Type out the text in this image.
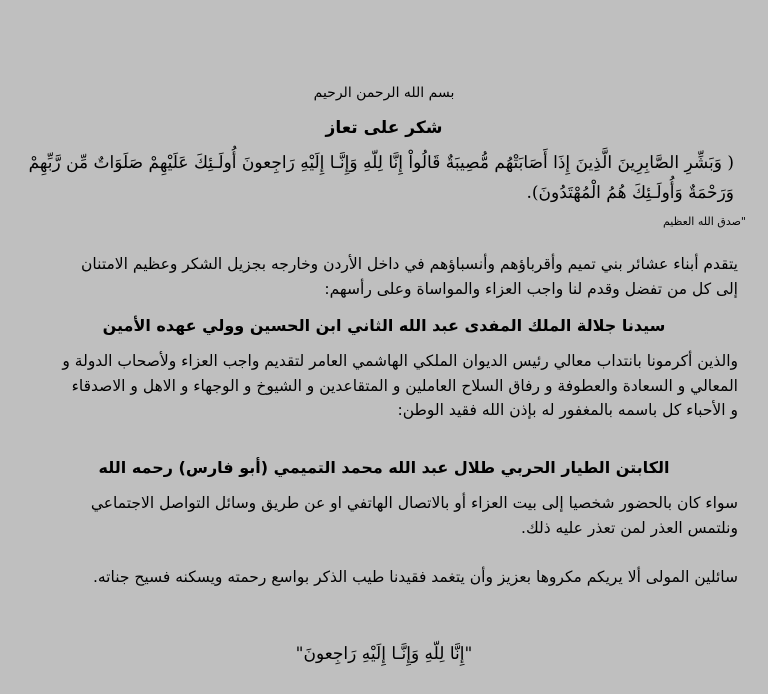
بسم الله الرحمن الرحيم
شكر على تعاز
( وَبَشِّرِ الصَّابِرِينَ الَّذِينَ إِذَا أَصَابَتْهُم مُّصِيبَةٌ قَالُواْ إِنَّا لِلّهِ وَإِنَّـا إِلَيْهِ رَاجِعونَ أُولَـئِكَ عَلَيْهِمْ صَلَوَاتٌ مِّن رَّبِّهِمْ
وَرَحْمَةٌ وَأُولَـئِكَ هُمُ الْمُهْتَدُونَ).
"صدق الله العظيم
يتقدم أبناء عشائر بني تميم وأقرباؤهم وأنسباؤهم في داخل الأردن وخارجه بجزيل الشكر وعظيم الامتنان
إلى كل من تفضل وقدم لنا واجب العزاء والمواساة وعلى رأسهم:
سيدنا جلالة الملك المفدى عبد الله الثاني ابن الحسين وولي عهده الأمين
والذين أكرمونا بانتداب معالي رئيس الديوان الملكي الهاشمي العامر لتقديم واجب العزاء ولأصحاب الدولة و
المعالي و السعادة والعطوفة و رفاق السلاح العاملين و المتقاعدين و الشيوخ و الوجهاء و الاهل و الاصدقاء
و الأحباء كل باسمه بالمغفور له بإذن الله فقيد الوطن:
الكابتن الطيار الحربي طلال عبد الله محمد التميمي (أبو فارس) رحمه الله
سواء كان بالحضور شخصيا إلى بيت العزاء أو بالاتصال الهاتفي او عن طريق وسائل التواصل الاجتماعي
ونلتمس العذر لمن تعذر عليه ذلك.
سائلين المولى ألا يريكم مكروها بعزيز وأن يتغمد فقيدنا طيب الذكر بواسع رحمته ويسكنه فسيح جناته.
"إِنَّا لِلّهِ وَإِنَّـا إِلَيْهِ رَاجِعونَ"
